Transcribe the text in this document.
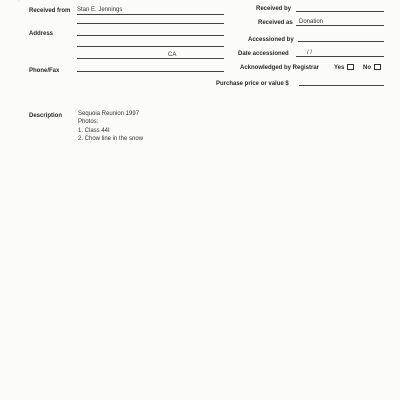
,~
Received from Stan E. Jennings
Address
CA
Phone/Fax
Received by
Received as Donation
Accessioned by
Date accessioned	/ /
Acknowledged by Registrar Yes	No
Purchase price or value $
Description	Sequoia Reunion 1997
Photos:
1. Class 44I
2. Chow line in the snow
